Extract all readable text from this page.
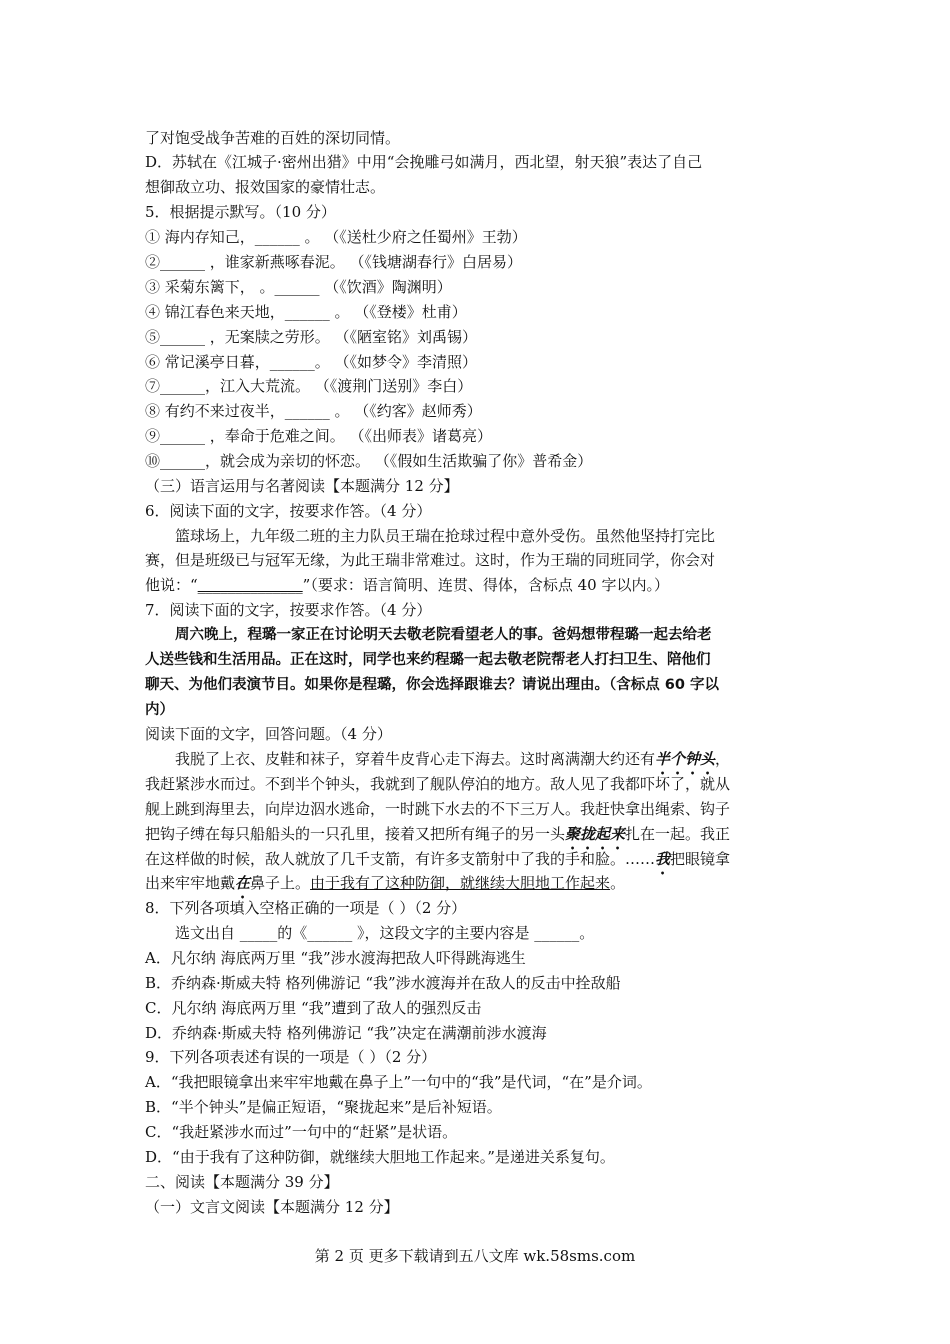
了对饱受战争苦难的百姓的深切同情。
D．苏轼在《江城子·密州出猎》中用“会挽雕弓如满月，西北望，射天狼”表达了自己
想御敌立功、报效国家的豪情壮志。
5．根据提示默写。（10 分）
① 海内存知己，______ 。 （《送杜少府之任蜀州》王勃）
②______ ，谁家新燕啄春泥。 （《钱塘湖春行》白居易）
③ 采菊东篱下， 。______ （《饮酒》陶渊明）
④ 锦江春色来天地，______ 。 （《登楼》杜甫）
⑤______ ，无案牍之劳形。 （《陋室铭》刘禹锡）
⑥ 常记溪亭日暮，______。 （《如梦令》李清照）
⑦______，江入大荒流。 （《渡荆门送别》李白）
⑧ 有约不来过夜半，______ 。 （《约客》赵师秀）
⑨______ ，奉命于危难之间。 （《出师表》诸葛亮）
⑩______，就会成为亲切的怀恋。 （《假如生活欺骗了你》普希金）
（三）语言运用与名著阅读【本题满分 12 分】
6．阅读下面的文字，按要求作答。（4 分）
篮球场上，九年级二班的主力队员王瑞在抢球过程中意外受伤。虽然他坚持打完比
赛，但是班级已与冠军无缘，为此王瑞非常难过。这时，作为王瑞的同班同学，你会对
他说：“______________”（要求：语言简明、连贯、得体，含标点 40 字以内。）
7．阅读下面的文字，按要求作答。（4 分）
周六晚上，程璐一家正在讨论明天去敬老院看望老人的事。爸妈想带程璐一起去给老
人送些钱和生活用品。正在这时，同学也来约程璐一起去敬老院帮老人打扫卫生、陪他们
聊天、为他们表演节目。如果你是程璐，你会选择跟谁去？请说出理由。（含标点 60 字以
内）
阅读下面的文字，回答问题。（4 分）
我脱了上衣、皮鞋和袜子，穿着牛皮背心走下海去。这时离满潮大约还有半个钟头，
我赶紧涉水而过。不到半个钟头，我就到了舰队停泊的地方。敌人见了我都吓坏了，就从
舰上跳到海里去，向岸边泅水逃命，一时跳下水去的不下三万人。我赶快拿出绳索、钩子
把钩子缚在每只船船头的一只孔里，接着又把所有绳子的另一头聚拢起来扎在一起。我正
在这样做的时候，敌人就放了几千支箭，有许多支箭射中了我的手和脸。……我把眼镜拿
出来牢牢地戴在鼻子上。由于我有了这种防御，就继续大胆地工作起来。
8．下列各项填入空格正确的一项是（ ）（2 分）
选文出自 _____的《______ 》，这段文字的主要内容是 ______。
A．凡尔纳 海底两万里 “我”涉水渡海把敌人吓得跳海逃生
B．乔纳森·斯威夫特 格列佛游记 “我”涉水渡海并在敌人的反击中拴敌船
C．凡尔纳 海底两万里 “我”遭到了敌人的强烈反击
D．乔纳森·斯威夫特 格列佛游记 “我”决定在满潮前涉水渡海
9．下列各项表述有误的一项是（ ）（2 分）
A．“我把眼镜拿出来牢牢地戴在鼻子上”一句中的“我”是代词，“在”是介词。
B．“半个钟头”是偏正短语，“聚拢起来”是后补短语。
C．“我赶紧涉水而过”一句中的“赶紧”是状语。
D．“由于我有了这种防御，就继续大胆地工作起来。”是递进关系复句。
二、阅读【本题满分 39 分】
（一）文言文阅读【本题满分 12 分】
第 2 页 更多下载请到五八文库 wk.58sms.com
